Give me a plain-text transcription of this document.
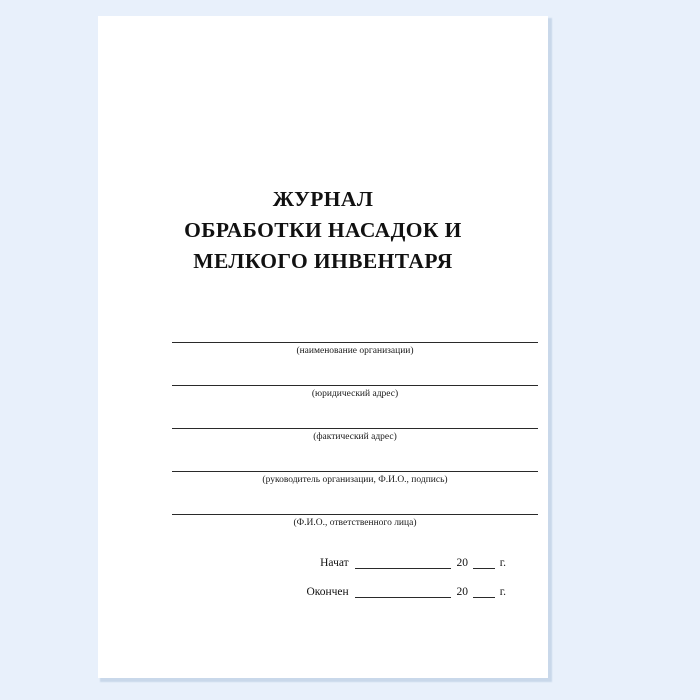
ЖУРНАЛ
ОБРАБОТКИ НАСАДОК И
МЕЛКОГО ИНВЕНТАРЯ
(наименование организации)
(юридический адрес)
(фактический адрес)
(руководитель организации, Ф.И.О., подпись)
(Ф.И.О., ответственного лица)
Начат	20	г.
Окончен	20	г.
